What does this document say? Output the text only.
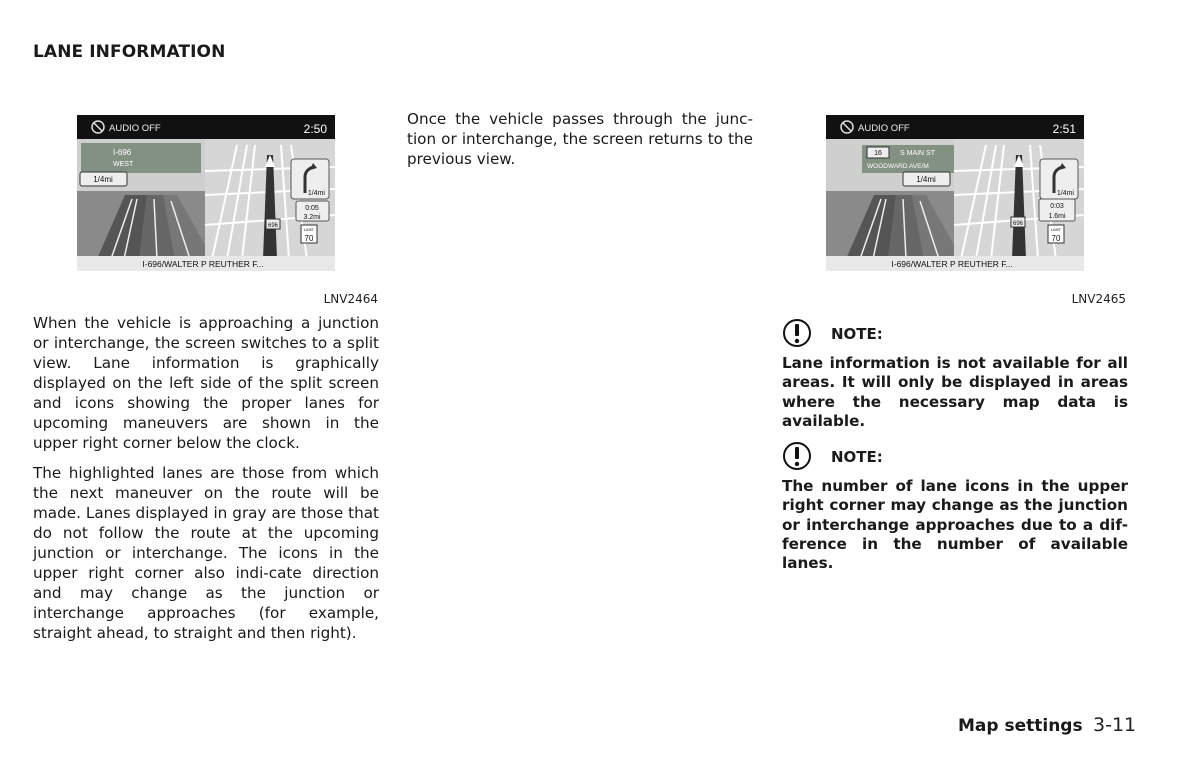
LANE INFORMATION
AUDIO OFF	2:50
I-696
WEST
1/4mi
696
1/4mi
0:05
3.2mi
LIMIT
70
I-696/WALTER P REUTHER F...
LNV2464
AUDIO OFF	2:51
16	S MAIN ST
WOODWARD AVE/M
1/4mi
696
1/4mi
0:03
1.6mi
LIMIT
70
I-696/WALTER P REUTHER F...
LNV2465

Once the vehicle passes through the junc-tion or interchange, the screen returns to the previous view.

When the vehicle is approaching a junction or interchange, the screen switches to a split view. Lane information is graphically displayed on the left side of the split screen and icons showing the proper lanes for upcoming maneuvers are shown in the upper right corner below the clock.

The highlighted lanes are those from which the next maneuver on the route will be made. Lanes displayed in gray are those that do not follow the route at the upcoming junction or interchange. The icons in the upper right corner also indi-cate direction and may change as the junction or interchange approaches (for example, straight ahead, to straight and then right).

NOTE:

Lane information is not available for all areas. It will only be displayed in areas where the necessary map data is available.

NOTE:

The number of lane icons in the upper right corner may change as the junction or interchange approaches due to a dif-ference in the number of available lanes.

Map settings 3-11
